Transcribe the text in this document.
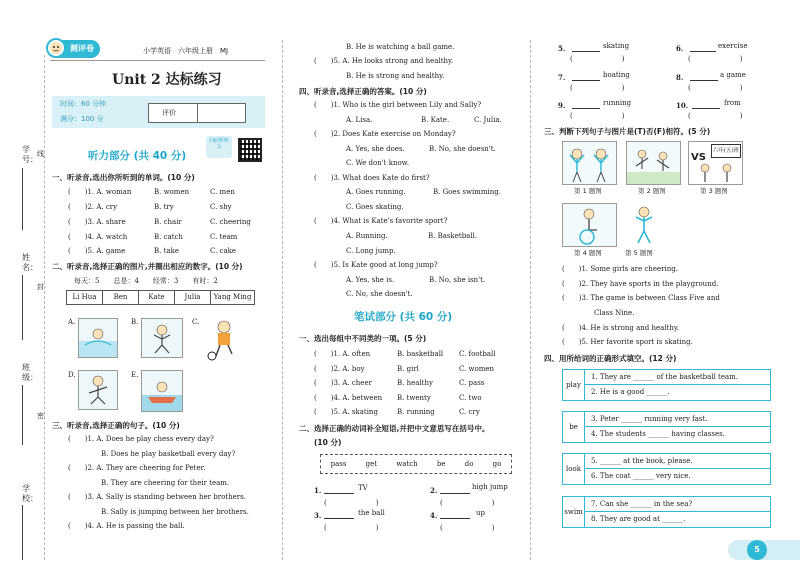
学校：
班级：
姓名：
学号：
线
封
密
测评卷	小学英语　六年级上册　MJ
Unit 2 达标练习
时间：60 分钟
满分：100 分
评价
听力部分 (共 40 分)
扫码听听力
一、听录音,选出你所听到的单词。(10 分)
(　　)1. A. woman	B. women	C. men
(　　)2. A. cry	B. try	C. shy
(　　)3. A. share	B. chair	C. cheering
(　　)4. A. watch	B. catch	C. team
(　　)5. A. game	B. take	C. cake
二、听录音,选择正确的图片,并圈出相应的数字。(10 分)
每天：5　　总是：4　　经常：3　　有时：2
Li Hua	Ben	Kate	Julia	Yang Ming
A.	B.	C.
D.	E.
三、听录音,选择正确的句子。(10 分)
(　　)1. A. Does he play chess every day?
B. Does he play basketball every day?
(　　)2. A. They are cheering for Peter.
B. They are cheering for their team.
(　　)3. A. Sally is standing between her brothers.
B. Sally is jumping between her brothers.
(　　)4. A. He is passing the ball.
B. He is watching a ball game.
(　　)5. A. He looks strong and healthy.
B. He is strong and healthy.
四、听录音,选择正确的答案。(10 分)
(　　)1. Who is the girl between Lily and Sally?
A. Lisa.	B. Kate.	C. Julia.
(　　)2. Does Kate exercise on Monday?
A. Yes, she does.	B. No, she doesn't.
C. We don't know.
(　　)3. What does Kate do first?
A. Goes running.	B. Goes swimming.
C. Goes skating.
(　　)4. What is Kate's favorite sport?
A. Running.	B. Basketball.
C. Long jump.
(　　)5. Is Kate good at long jump?
A. Yes, she is.	B. No, she isn't.
C. No, she doesn't.
笔试部分 (共 60 分)
一、选出每组中不同类的一项。(5 分)
(　　)1. A. often	B. basketball C. football
(　　)2. A. boy	B. girl	C. women
(　　)3. A. cheer	B. healthy	C. pass
(　　)4. A. between B. twenty	C. two
(　　)5. A. skating	B. running	C. cry
二、选择正确的动词补全短语,并把中文意思写在括号中。
(10 分)
pass	get	watch	be	do	go
1.	TV
(　　　　　　　)
2.	high jump
(　　　　　　　)
3.	the ball
(　　　　　　　)
4.	up
(　　　　　　　)
5.	skating
(　　　　　　　)
6.	exercise
(　　　　　　　)
7.	boating
(　　　　　　　)
8.	a game
(　　　　　　　)
9.	running
(　　　　　　　)
10.	from
(　　　　　　　)
三、判断下列句子与图片是(T)否(F)相符。(5 分)
第 1 题图	第 2 题图
VS
六年(五)班
第 3 题图
第 4 题图	第 5 题图
(　　)1. Some girls are cheering.
(　　)2. They have sports in the playground.
(　　)3. The game is between Class Five and
Class Nine.
(　　)4. He is strong and healthy.
(　　)5. Her favorite sport is skating.
四、用所给词的正确形式填空。(12 分)
play
1. They are ______ of the basketball team.
2. He is a good ______.
be
3. Peter ______ running very fast.
4. The students ______ having classes.
look
5. ______ at the book, please.
6. The coat ______ very nice.
swim
7. Can she ______ in the sea?
8. They are good at ______.
5
